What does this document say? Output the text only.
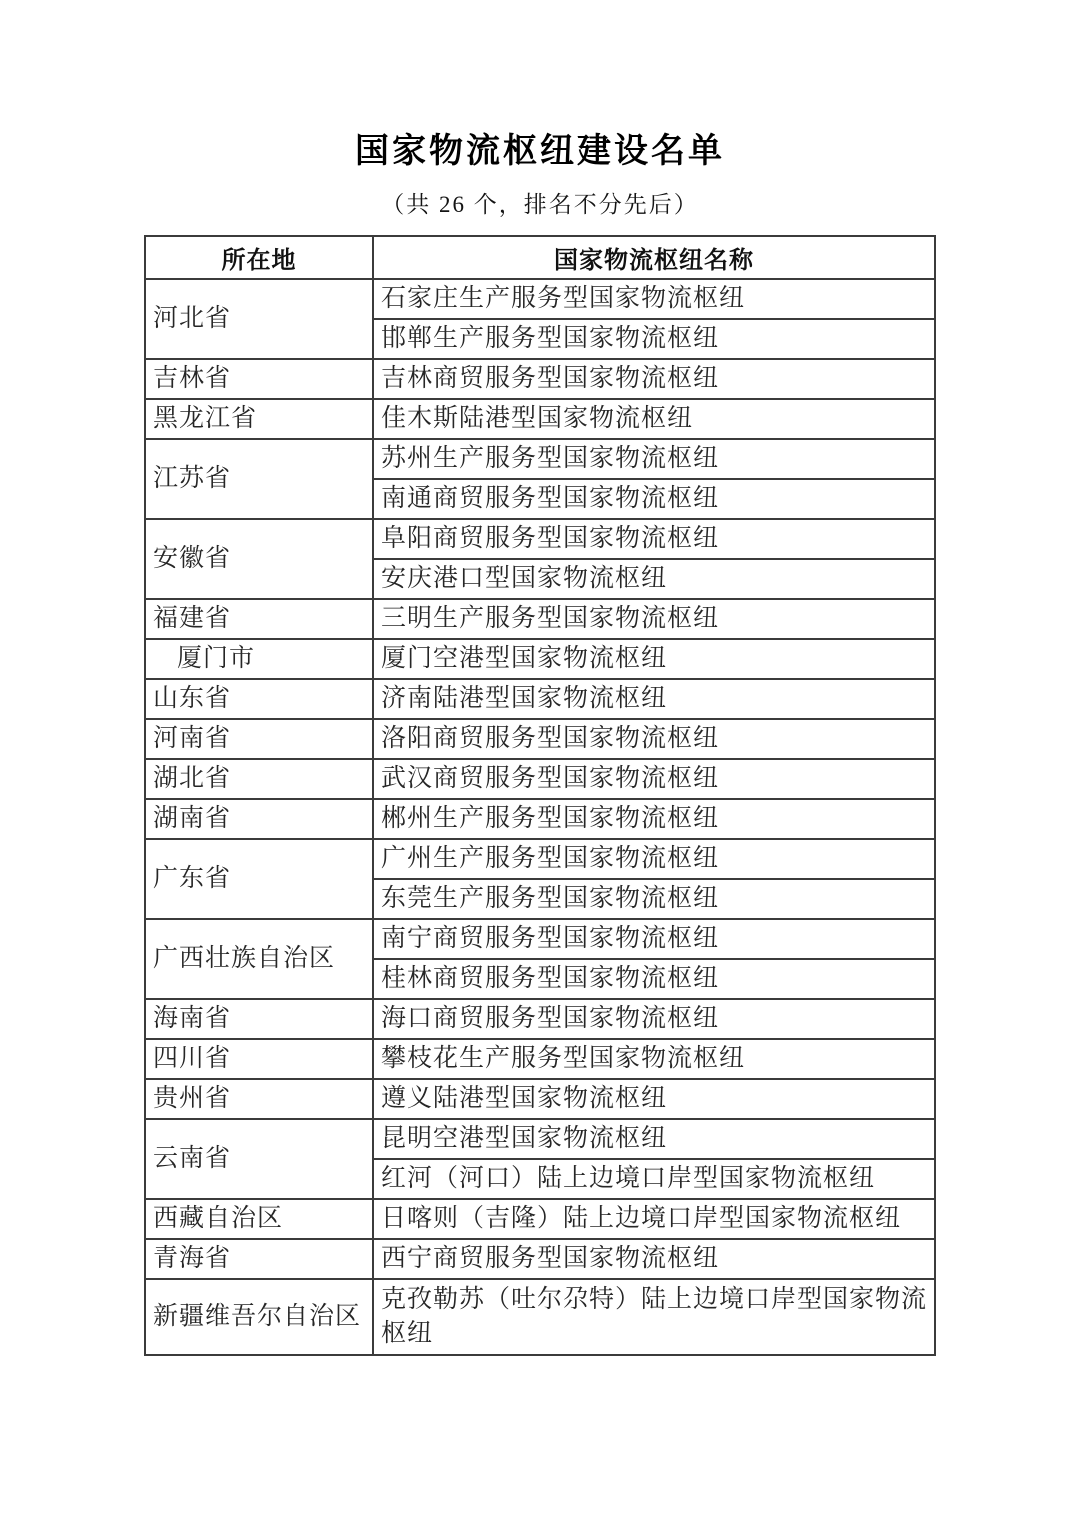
国家物流枢纽建设名单
（共 26 个，排名不分先后）
所在地	国家物流枢纽名称
河北省	石家庄生产服务型国家物流枢纽
	邯郸生产服务型国家物流枢纽
吉林省	吉林商贸服务型国家物流枢纽
黑龙江省	佳木斯陆港型国家物流枢纽
江苏省	苏州生产服务型国家物流枢纽
	南通商贸服务型国家物流枢纽
安徽省	阜阳商贸服务型国家物流枢纽
	安庆港口型国家物流枢纽
福建省	三明生产服务型国家物流枢纽
厦门市	厦门空港型国家物流枢纽
山东省	济南陆港型国家物流枢纽
河南省	洛阳商贸服务型国家物流枢纽
湖北省	武汉商贸服务型国家物流枢纽
湖南省	郴州生产服务型国家物流枢纽
广东省	广州生产服务型国家物流枢纽
	东莞生产服务型国家物流枢纽
广西壮族自治区	南宁商贸服务型国家物流枢纽
	桂林商贸服务型国家物流枢纽
海南省	海口商贸服务型国家物流枢纽
四川省	攀枝花生产服务型国家物流枢纽
贵州省	遵义陆港型国家物流枢纽
云南省	昆明空港型国家物流枢纽
	红河（河口）陆上边境口岸型国家物流枢纽
西藏自治区	日喀则（吉隆）陆上边境口岸型国家物流枢纽
青海省	西宁商贸服务型国家物流枢纽
新疆维吾尔自治区	克孜勒苏（吐尔尕特）陆上边境口岸型国家物流枢纽
